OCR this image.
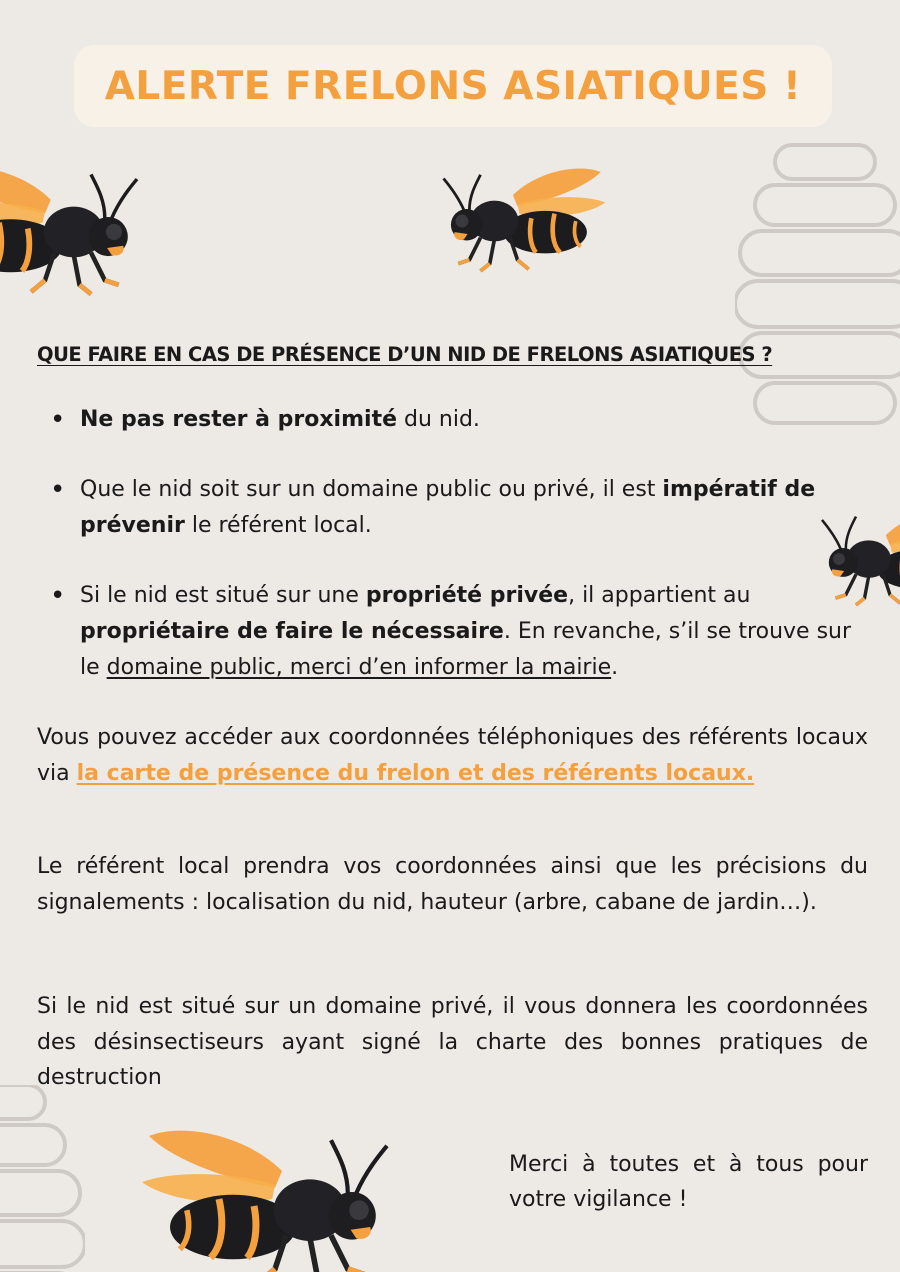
ALERTE FRELONS ASIATIQUES !
QUE FAIRE EN CAS DE PRÉSENCE D’UN NID DE FRELONS ASIATIQUES ?
• Ne pas rester à proximité du nid.
• Que le nid soit sur un domaine public ou privé, il est impératif de prévenir le référent local.
• Si le nid est situé sur une propriété privée, il appartient au propriétaire de faire le nécessaire. En revanche, s’il se trouve sur le domaine public, merci d’en informer la mairie.
Vous pouvez accéder aux coordonnées téléphoniques des référents locaux via la carte de présence du frelon et des référents locaux.
Le référent local prendra vos coordonnées ainsi que les précisions du signalements : localisation du nid, hauteur (arbre, cabane de jardin…).
Si le nid est situé sur un domaine privé, il vous donnera les coordonnées des désinsectiseurs ayant signé la charte des bonnes pratiques de destruction
Merci à toutes et à tous pour votre vigilance !
